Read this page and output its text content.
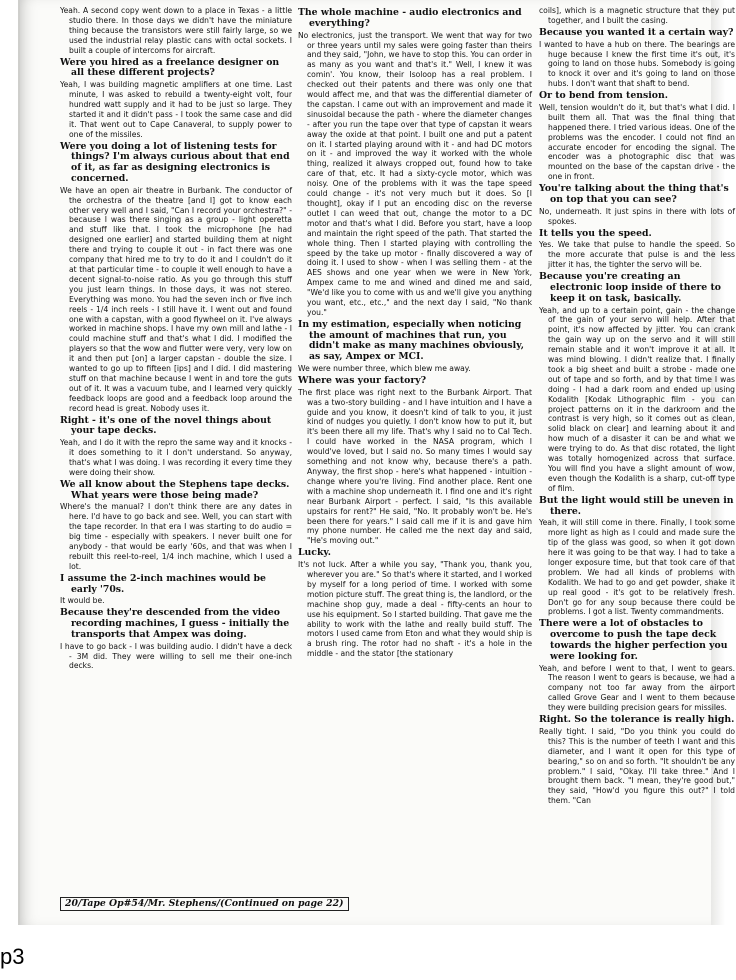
Yeah. A second copy went down to a place in Texas - a little studio there. In those days we didn't have the miniature thing because the transistors were still fairly large, so we used the industrial relay plastic cans with octal sockets. I built a couple of intercoms for aircraft.
Were you hired as a freelance designer on all these different projects?
Yeah, I was building magnetic amplifiers at one time. Last minute, I was asked to rebuild a twenty-eight volt, four hundred watt supply and it had to be just so large. They started it and it didn't pass - I took the same case and did it. That went out to Cape Canaveral, to supply power to one of the missiles.
Were you doing a lot of listening tests for things? I'm always curious about that end of it, as far as designing electronics is concerned.
We have an open air theatre in Burbank. The conductor of the orchestra of the theatre [and I] got to know each other very well and I said, "Can I record your orchestra?" - because I was there singing as a group - light operetta and stuff like that. I took the microphone [he had designed one earlier] and started building them at night there and trying to couple it out - in fact there was one company that hired me to try to do it and I couldn't do it at that particular time - to couple it well enough to have a decent signal-to-noise ratio. As you go through this stuff you just learn things. In those days, it was not stereo. Everything was mono. You had the seven inch or five inch reels - 1/4 inch reels - I still have it. I went out and found one with a capstan, with a good flywheel on it. I've always worked in machine shops. I have my own mill and lathe - I could machine stuff and that's what I did. I modified the players so that the wow and flutter were very, very low on it and then put [on] a larger capstan - double the size. I wanted to go up to fifteen [ips] and I did. I did mastering stuff on that machine because I went in and tore the guts out of it. It was a vacuum tube, and I learned very quickly feedback loops are good and a feedback loop around the record head is great. Nobody uses it.
Right - it's one of the novel things about your tape decks.
Yeah, and I do it with the repro the same way and it knocks - it does something to it I don't understand. So anyway, that's what I was doing. I was recording it every time they were doing their show.
We all know about the Stephens tape decks. What years were those being made?
Where's the manual? I don't think there are any dates in here. I'd have to go back and see. Well, you can start with the tape recorder. In that era I was starting to do audio = big time - especially with speakers. I never built one for anybody - that would be early '60s, and that was when I rebuilt this reel-to-reel, 1/4 inch machine, which I used a lot.
I assume the 2-inch machines would be early '70s.
It would be.
Because they're descended from the video recording machines, I guess - initially the transports that Ampex was doing.
I have to go back - I was building audio. I didn't have a deck - 3M did. They were willing to sell me their one-inch decks.
The whole machine - audio electronics and everything?
No electronics, just the transport. We went that way for two or three years until my sales were going faster than theirs and they said, "John, we have to stop this. You can order in as many as you want and that's it." Well, I knew it was comin'. You know, their Isoloop has a real problem. I checked out their patents and there was only one that would affect me, and that was the differential diameter of the capstan. I came out with an improvement and made it sinusoidal because the path - where the diameter changes - after you run the tape over that type of capstan it wears away the oxide at that point. I built one and put a patent on it. I started playing around with it - and had DC motors on it - and improved the way it worked with the whole thing, realized it always cropped out, found how to take care of that, etc. It had a sixty-cycle motor, which was noisy. One of the problems with it was the tape speed could change - it's not very much but it does. So [I thought], okay if I put an encoding disc on the reverse outlet I can weed that out, change the motor to a DC motor and that's what I did. Before you start, have a loop and maintain the right speed of the path. That started the whole thing. Then I started playing with controlling the speed by the take up motor - finally discovered a way of doing it. I used to show - when I was selling them - at the AES shows and one year when we were in New York, Ampex came to me and wined and dined me and said, "We'd like you to come with us and we'll give you anything you want, etc., etc.," and the next day I said, "No thank you."
In my estimation, especially when noticing the amount of machines that run, you didn't make as many machines obviously, as say, Ampex or MCI.
We were number three, which blew me away.
Where was your factory?
The first place was right next to the Burbank Airport. That was a two-story building - and I have intuition and I have a guide and you know, it doesn't kind of talk to you, it just kind of nudges you quietly. I don't know how to put it, but it's been there all my life. That's why I said no to Cal Tech. I could have worked in the NASA program, which I would've loved, but I said no. So many times I would say something and not know why, because there's a path. Anyway, the first shop - here's what happened - intuition - change where you're living. Find another place. Rent one with a machine shop underneath it. I find one and it's right near Burbank Airport - perfect. I said, "Is this available upstairs for rent?" He said, "No. It probably won't be. He's been there for years." I said call me if it is and gave him my phone number. He called me the next day and said, "He's moving out."
Lucky.
It's not luck. After a while you say, "Thank you, thank you, wherever you are." So that's where it started, and I worked by myself for a long period of time. I worked with some motion picture stuff. The great thing is, the landlord, or the machine shop guy, made a deal - fifty-cents an hour to use his equipment. So I started building. That gave me the ability to work with the lathe and really build stuff. The motors I used came from Eton and what they would ship is a brush ring. The rotor had no shaft - it's a hole in the middle - and the stator [the stationary
coils], which is a magnetic structure that they put together, and I built the casing.
Because you wanted it a certain way?
I wanted to have a hub on there. The bearings are huge because I knew the first time it's out, it's going to land on those hubs. Somebody is going to knock it over and it's going to land on those hubs. I don't want that shaft to bend.
Or to bend from tension.
Well, tension wouldn't do it, but that's what I did. I built them all. That was the final thing that happened there. I tried various ideas. One of the problems was the encoder. I could not find an accurate encoder for encoding the signal. The encoder was a photographic disc that was mounted on the base of the capstan drive - the one in front.
You're talking about the thing that's on top that you can see?
No, underneath. It just spins in there with lots of spokes.
It tells you the speed.
Yes. We take that pulse to handle the speed. So the more accurate that pulse is and the less jitter it has, the tighter the servo will be.
Because you're creating an electronic loop inside of there to keep it on task, basically.
Yeah, and up to a certain point, gain - the change of the gain of your servo will help. After that point, it's now affected by jitter. You can crank the gain way up on the servo and it will still remain stable and it won't improve it at all. It was mind blowing. I didn't realize that. I finally took a big sheet and built a strobe - made one out of tape and so forth, and by that time I was doing - I had a dark room and ended up using Kodalith [Kodak Lithographic film - you can project patterns on it in the darkroom and the contrast is very high, so it comes out as clean, solid black on clear] and learning about it and how much of a disaster it can be and what we were trying to do. As that disc rotated, the light was totally homogenized across that surface. You will find you have a slight amount of wow, even though the Kodalith is a sharp, cut-off type of film.
But the light would still be uneven in there.
Yeah, it will still come in there. Finally, I took some more light as high as I could and made sure the tip of the glass was good, so when it got down here it was going to be that way. I had to take a longer exposure time, but that took care of that problem. We had all kinds of problems with Kodalith. We had to go and get powder, shake it up real good - it's got to be relatively fresh. Don't go for any soup because there could be problems. I got a list. Twenty commandments.
There were a lot of obstacles to overcome to push the tape deck towards the higher perfection you were looking for.
Yeah, and before I went to that, I went to gears. The reason I went to gears is because, we had a company not too far away from the airport called Grove Gear and I went to them because they were building precision gears for missiles.
Right. So the tolerance is really high.
Really tight. I said, "Do you think you could do this? This is the number of teeth I want and this diameter, and I want it open for this type of bearing," so on and so forth. "It shouldn't be any problem." I said, "Okay. I'll take three." And I brought them back. "I mean, they're good but," they said, "How'd you figure this out?" I told them. "Can
20/Tape Op#54/Mr. Stephens/(Continued on page 22)
p3
